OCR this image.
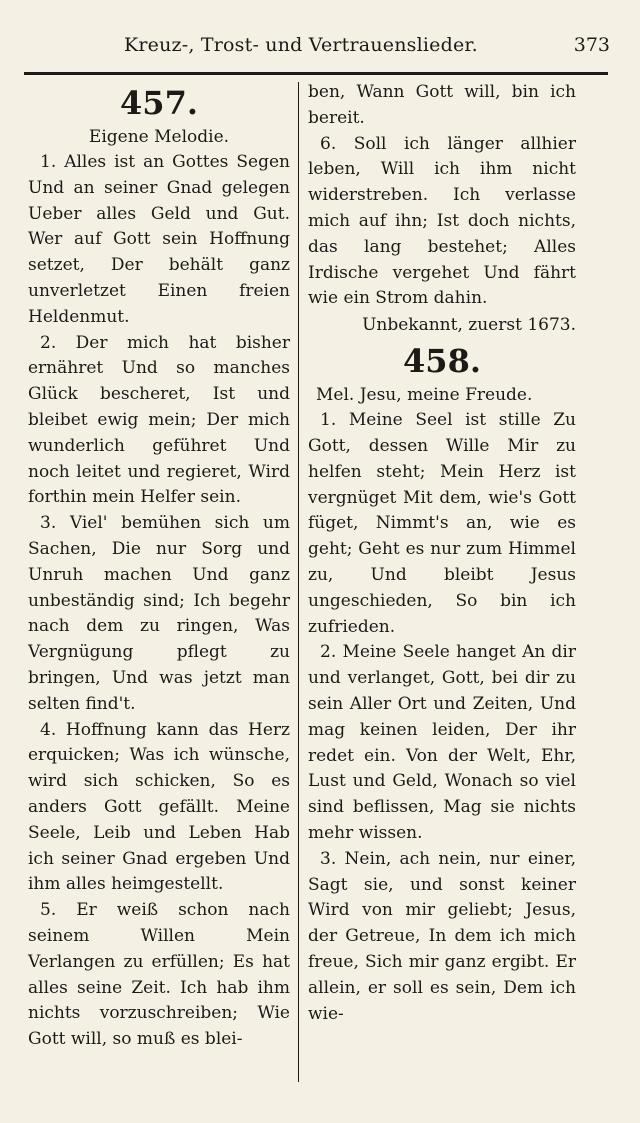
Kreuz-, Trost- und Vertrauenslieder.	373
457.
Eigene Melodie.

1. Alles ist an Gottes Segen Und an seiner Gnad gelegen Ueber alles Geld und Gut. Wer auf Gott sein Hoffnung setzet, Der behält ganz unverletzet Einen freien Heldenmut.

2. Der mich hat bisher ernähret Und so manches Glück bescheret, Ist und bleibet ewig mein; Der mich wunderlich geführet Und noch leitet und regieret, Wird forthin mein Helfer sein.

3. Viel' bemühen sich um Sachen, Die nur Sorg und Unruh machen Und ganz unbeständig sind; Ich begehr nach dem zu ringen, Was Vergnügung pflegt zu bringen, Und was jetzt man selten find't.

4. Hoffnung kann das Herz erquicken; Was ich wünsche, wird sich schicken, So es anders Gott gefällt. Meine Seele, Leib und Leben Hab ich seiner Gnad ergeben Und ihm alles heimgestellt.

5. Er weiß schon nach seinem Willen Mein Verlangen zu erfüllen; Es hat alles seine Zeit. Ich hab ihm nichts vorzuschreiben; Wie Gott will, so muß es blei-

ben, Wann Gott will, bin ich bereit.

6. Soll ich länger allhier leben, Will ich ihm nicht widerstreben. Ich verlasse mich auf ihn; Ist doch nichts, das lang bestehet; Alles Irdische vergehet Und fährt wie ein Strom dahin.

Unbekannt, zuerst 1673.
458.
Mel. Jesu, meine Freude.

1. Meine Seel ist stille Zu Gott, dessen Wille Mir zu helfen steht; Mein Herz ist vergnüget Mit dem, wie's Gott füget, Nimmt's an, wie es geht; Geht es nur zum Himmel zu, Und bleibt Jesus ungeschieden, So bin ich zufrieden.

2. Meine Seele hanget An dir und verlanget, Gott, bei dir zu sein Aller Ort und Zeiten, Und mag keinen leiden, Der ihr redet ein. Von der Welt, Ehr, Lust und Geld, Wonach so viel sind beflissen, Mag sie nichts mehr wissen.

3. Nein, ach nein, nur einer, Sagt sie, und sonst keiner Wird von mir geliebt; Jesus, der Getreue, In dem ich mich freue, Sich mir ganz ergibt. Er allein, er soll es sein, Dem ich wie-
